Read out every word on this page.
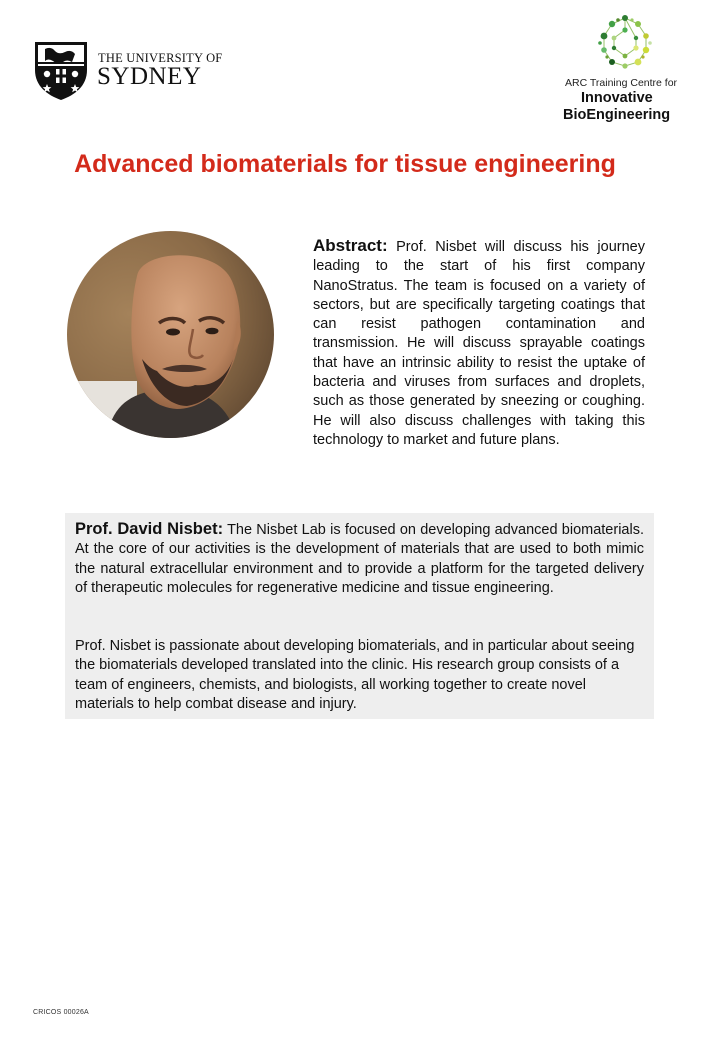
THE UNIVERSITY OF
SYDNEY	ARC Training Centre for
Innovative
BioEngineering
Advanced biomaterials for tissue engineering
Abstract: Prof. Nisbet will discuss his journey leading to the start of his first company NanoStratus. The team is focused on a variety of sectors, but are specifically targeting coatings that can resist pathogen contamination and transmission. He will discuss sprayable coatings that have an intrinsic ability to resist the uptake of bacteria and viruses from surfaces and droplets, such as those generated by sneezing or coughing. He will also discuss challenges with taking this technology to market and future plans.

Prof. David Nisbet: The Nisbet Lab is focused on developing advanced biomaterials. At the core of our activities is the development of materials that are used to both mimic the natural extracellular environment and to provide a platform for the targeted delivery of therapeutic molecules for regenerative medicine and tissue engineering.

Prof. Nisbet is passionate about developing biomaterials, and in particular about seeing the biomaterials developed translated into the clinic. His research group consists of a team of engineers, chemists, and biologists, all working together to create novel materials to help combat disease and injury.

CRICOS 00026A
